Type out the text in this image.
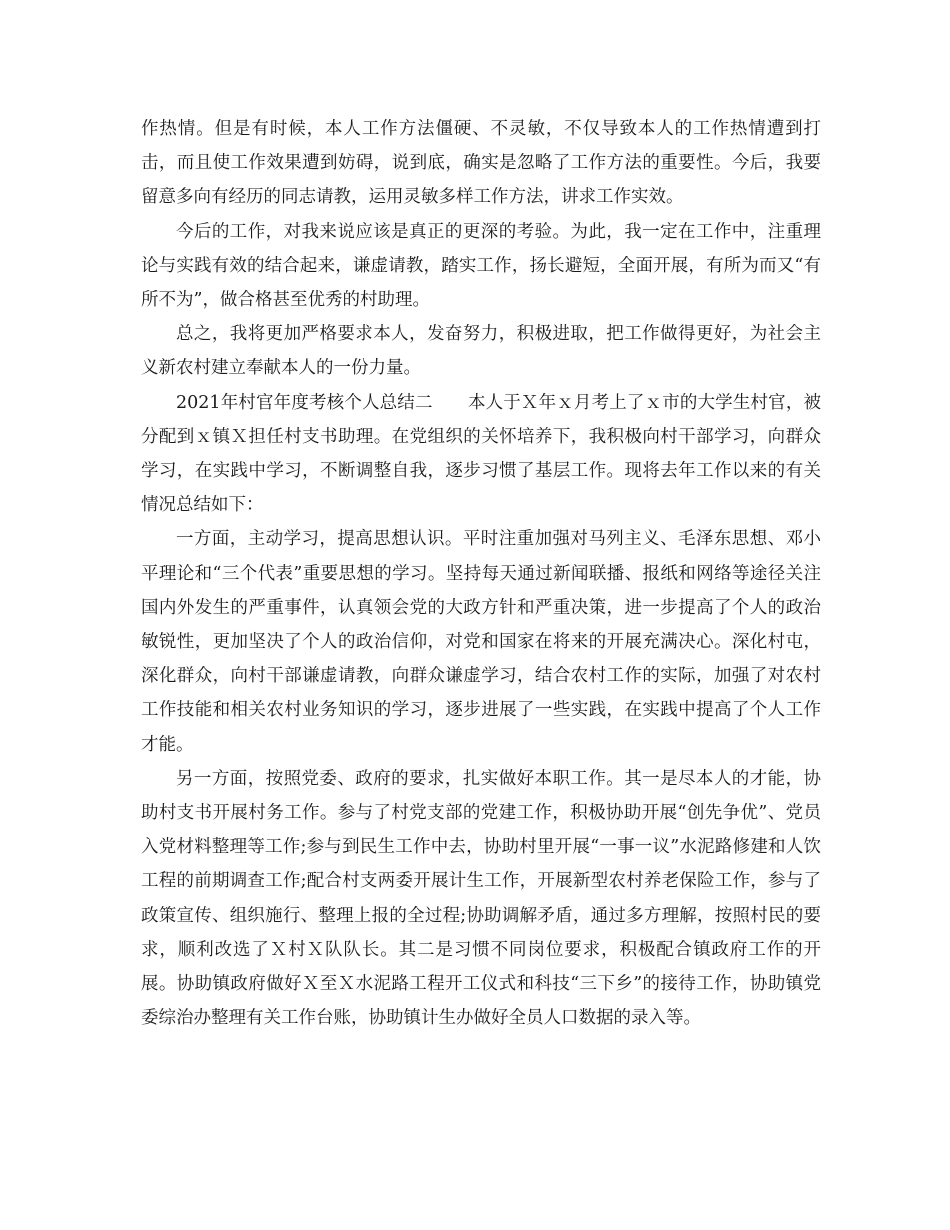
作热情。但是有时候，本人工作方法僵硬、不灵敏，不仅导致本人的工作热情遭到打击，而且使工作效果遭到妨碍，说到底，确实是忽略了工作方法的重要性。今后，我要留意多向有经历的同志请教，运用灵敏多样工作方法，讲求工作实效。

今后的工作，对我来说应该是真正的更深的考验。为此，我一定在工作中，注重理论与实践有效的结合起来，谦虚请教，踏实工作，扬长避短，全面开展，有所为而又“有所不为”，做合格甚至优秀的村助理。

总之，我将更加严格要求本人，发奋努力，积极进取，把工作做得更好，为社会主义新农村建立奉献本人的一份力量。

2021年村官年度考核个人总结二　　本人于Ｘ年ｘ月考上了ｘ市的大学生村官，被分配到ｘ镇Ｘ担任村支书助理。在党组织的关怀培养下，我积极向村干部学习，向群众学习，在实践中学习，不断调整自我，逐步习惯了基层工作。现将去年工作以来的有关情况总结如下：

一方面，主动学习，提高思想认识。平时注重加强对马列主义、毛泽东思想、邓小平理论和“三个代表”重要思想的学习。坚持每天通过新闻联播、报纸和网络等途径关注国内外发生的严重事件，认真领会党的大政方针和严重决策，进一步提高了个人的政治敏锐性，更加坚决了个人的政治信仰，对党和国家在将来的开展充满决心。深化村屯，深化群众，向村干部谦虚请教，向群众谦虚学习，结合农村工作的实际，加强了对农村工作技能和相关农村业务知识的学习，逐步进展了一些实践，在实践中提高了个人工作才能。

另一方面，按照党委、政府的要求，扎实做好本职工作。其一是尽本人的才能，协助村支书开展村务工作。参与了村党支部的党建工作，积极协助开展“创先争优”、党员入党材料整理等工作;参与到民生工作中去，协助村里开展“一事一议”水泥路修建和人饮工程的前期调查工作;配合村支两委开展计生工作，开展新型农村养老保险工作，参与了政策宣传、组织施行、整理上报的全过程;协助调解矛盾，通过多方理解，按照村民的要求，顺利改选了Ｘ村Ｘ队队长。其二是习惯不同岗位要求，积极配合镇政府工作的开展。协助镇政府做好Ｘ至Ｘ水泥路工程开工仪式和科技“三下乡”的接待工作，协助镇党委综治办整理有关工作台账，协助镇计生办做好全员人口数据的录入等。
